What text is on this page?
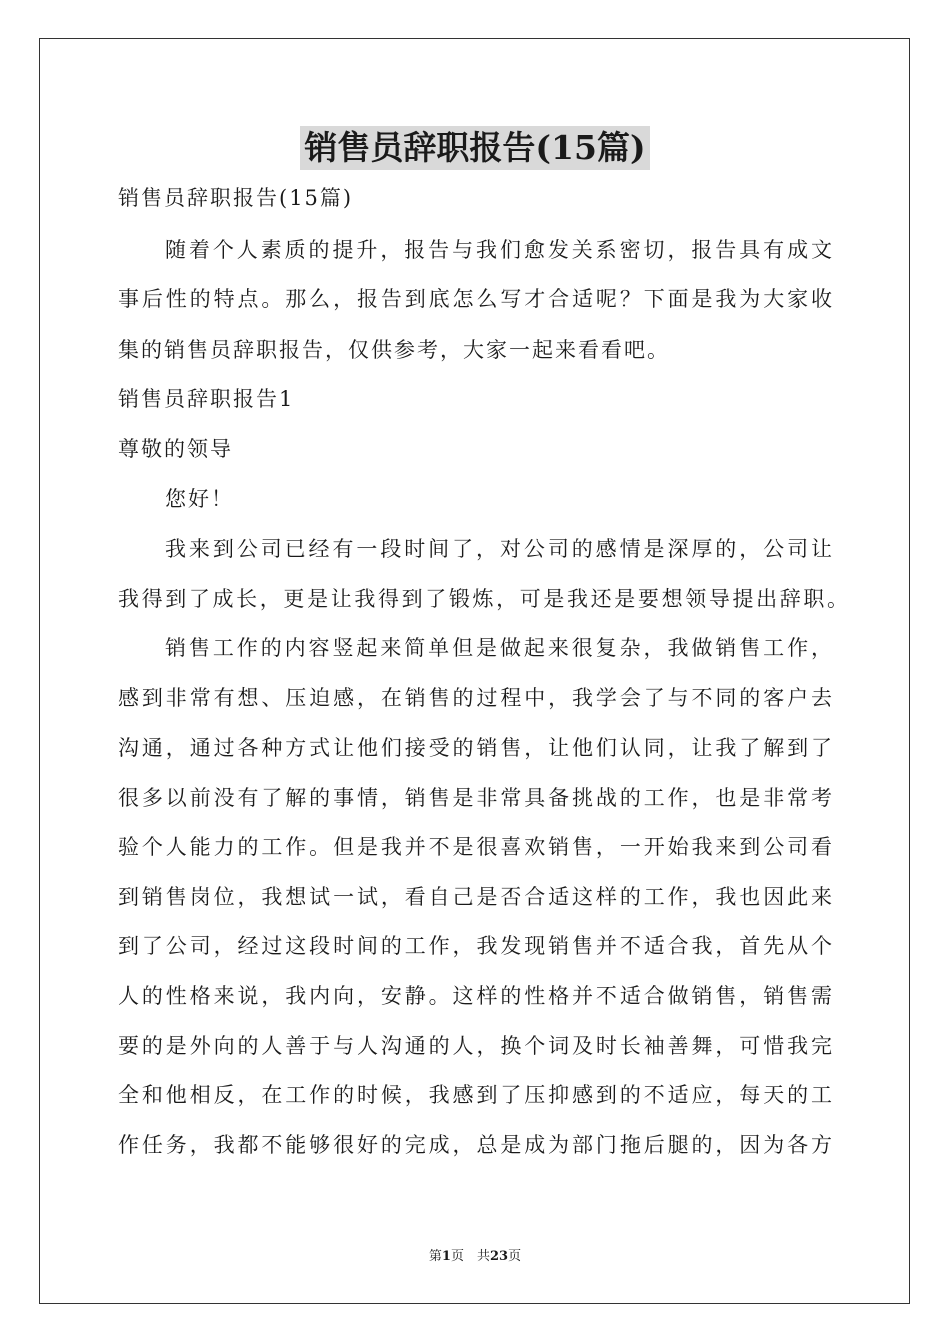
销售员辞职报告(15篇)
销售员辞职报告(15篇)
随着个人素质的提升，报告与我们愈发关系密切，报告具有成文
事后性的特点。那么，报告到底怎么写才合适呢？下面是我为大家收
集的销售员辞职报告，仅供参考，大家一起来看看吧。
销售员辞职报告1
尊敬的领导
您好！
我来到公司已经有一段时间了，对公司的感情是深厚的，公司让
我得到了成长，更是让我得到了锻炼，可是我还是要想领导提出辞职。
销售工作的内容竖起来简单但是做起来很复杂，我做销售工作，
感到非常有想、压迫感，在销售的过程中，我学会了与不同的客户去
沟通，通过各种方式让他们接受的销售，让他们认同，让我了解到了
很多以前没有了解的事情，销售是非常具备挑战的工作，也是非常考
验个人能力的工作。但是我并不是很喜欢销售，一开始我来到公司看
到销售岗位，我想试一试，看自己是否合适这样的工作，我也因此来
到了公司，经过这段时间的工作，我发现销售并不适合我，首先从个
人的性格来说，我内向，安静。这样的性格并不适合做销售，销售需
要的是外向的人善于与人沟通的人，换个词及时长袖善舞，可惜我完
全和他相反，在工作的时候，我感到了压抑感到的不适应，每天的工
作任务，我都不能够很好的完成，总是成为部门拖后腿的，因为各方
第1页　共23页
